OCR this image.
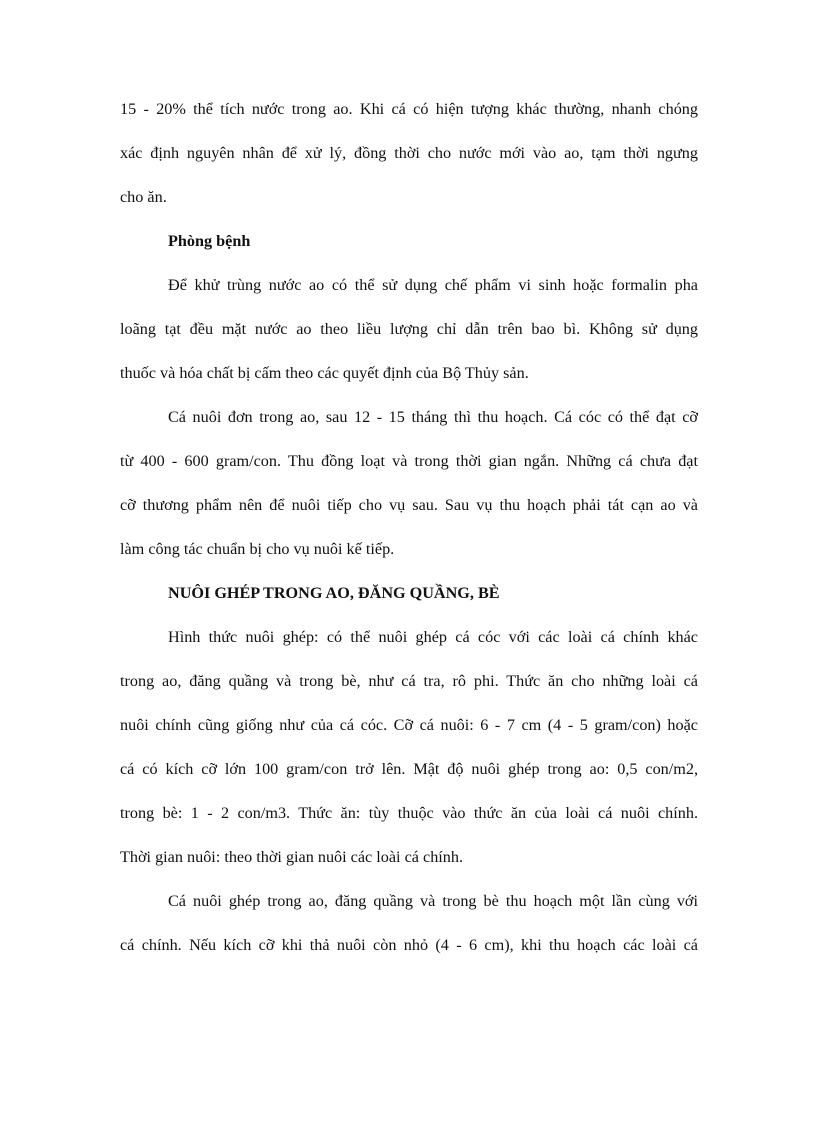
15 - 20% thể tích nước trong ao. Khi cá có hiện tượng khác thường, nhanh chóng

xác định nguyên nhân để xử lý, đồng thời cho nước mới vào ao, tạm thời ngưng

cho ăn.

Phòng bệnh

Để khử trùng nước ao có thể sử dụng chế phẩm vi sinh hoặc formalin pha

loãng tạt đều mặt nước ao theo liều lượng chỉ dẫn trên bao bì. Không sử dụng

thuốc và hóa chất bị cấm theo các quyết định của Bộ Thủy sản.

Cá nuôi đơn trong ao, sau 12 - 15 tháng thì thu hoạch. Cá cóc có thể đạt cỡ

từ 400 - 600 gram/con. Thu đồng loạt và trong thời gian ngắn. Những cá chưa đạt

cỡ thương phẩm nên để nuôi tiếp cho vụ sau. Sau vụ thu hoạch phải tát cạn ao và

làm công tác chuẩn bị cho vụ nuôi kế tiếp.

NUÔI GHÉP TRONG AO, ĐĂNG QUẦNG, BÈ

Hình thức nuôi ghép: có thể nuôi ghép cá cóc với các loài cá chính khác

trong ao, đăng quầng và trong bè, như cá tra, rô phi. Thức ăn cho những loài cá

nuôi chính cũng giống như của cá cóc. Cỡ cá nuôi: 6 - 7 cm (4 - 5 gram/con) hoặc

cá có kích cỡ lớn 100 gram/con trở lên. Mật độ nuôi ghép trong ao: 0,5 con/m2,

trong bè: 1 - 2 con/m3. Thức ăn: tùy thuộc vào thức ăn của loài cá nuôi chính.

Thời gian nuôi: theo thời gian nuôi các loài cá chính.

Cá nuôi ghép trong ao, đăng quầng và trong bè thu hoạch một lần cùng với

cá chính. Nếu kích cỡ khi thả nuôi còn nhỏ (4 - 6 cm), khi thu hoạch các loài cá
